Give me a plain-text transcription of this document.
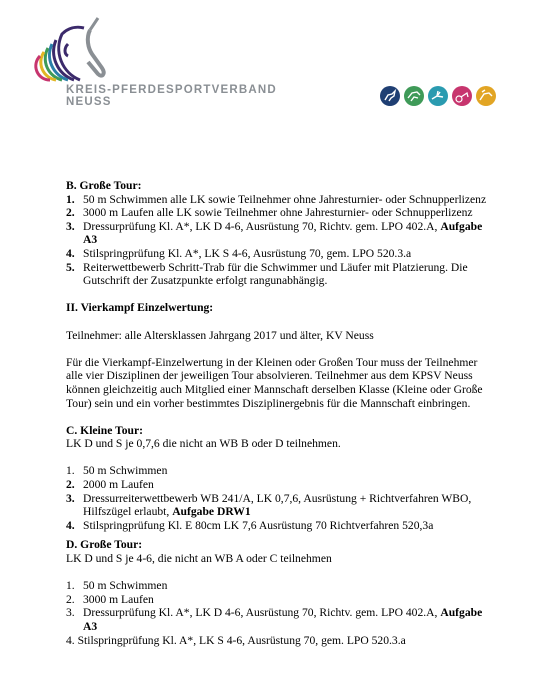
KREIS-PFERDESPORTVERBAND
NEUSS

B. Große Tour:

1. 50 m Schwimmen alle LK sowie Teilnehmer ohne Jahresturnier- oder Schnupperlizenz
2. 3000 m Laufen alle LK sowie Teilnehmer ohne Jahresturnier- oder Schnupperlizenz
3. Dressurprüfung Kl. A*, LK D 4-6, Ausrüstung 70, Richtv. gem. LPO 402.A, Aufgabe A3
4. Stilspringprüfung Kl. A*, LK S 4-6, Ausrüstung 70, gem. LPO 520.3.a
5. Reiterwettbewerb Schritt-Trab für die Schwimmer und Läufer mit Platzierung. Die Gutschrift der Zusatzpunkte erfolgt rangunabhängig.

II. Vierkampf Einzelwertung:

Teilnehmer: alle Altersklassen Jahrgang 2017 und älter, KV Neuss

Für die Vierkampf-Einzelwertung in der Kleinen oder Großen Tour muss der Teilnehmer alle vier Disziplinen der jeweiligen Tour absolvieren. Teilnehmer aus dem KPSV Neuss können gleichzeitig auch Mitglied einer Mannschaft derselben Klasse (Kleine oder Große Tour) sein und ein vorher bestimmtes Disziplinergebnis für die Mannschaft einbringen.

C. Kleine Tour:

LK D und S je 0,7,6 die nicht an WB B oder D teilnehmen.

1. 50 m Schwimmen
2. 2000 m Laufen
3. Dressurreiterwettbewerb WB 241/A, LK 0,7,6, Ausrüstung + Richtverfahren WBO, Hilfszügel erlaubt, Aufgabe DRW1
4. Stilspringprüfung Kl. E 80cm LK 7,6 Ausrüstung 70 Richtverfahren 520,3a

D. Große Tour:

LK D und S je 4-6, die nicht an WB A oder C teilnehmen

1. 50 m Schwimmen
2. 3000 m Laufen
3. Dressurprüfung Kl. A*, LK D 4-6, Ausrüstung 70, Richtv. gem. LPO 402.A, Aufgabe A3

4. Stilspringprüfung Kl. A*, LK S 4-6, Ausrüstung 70, gem. LPO 520.3.a
